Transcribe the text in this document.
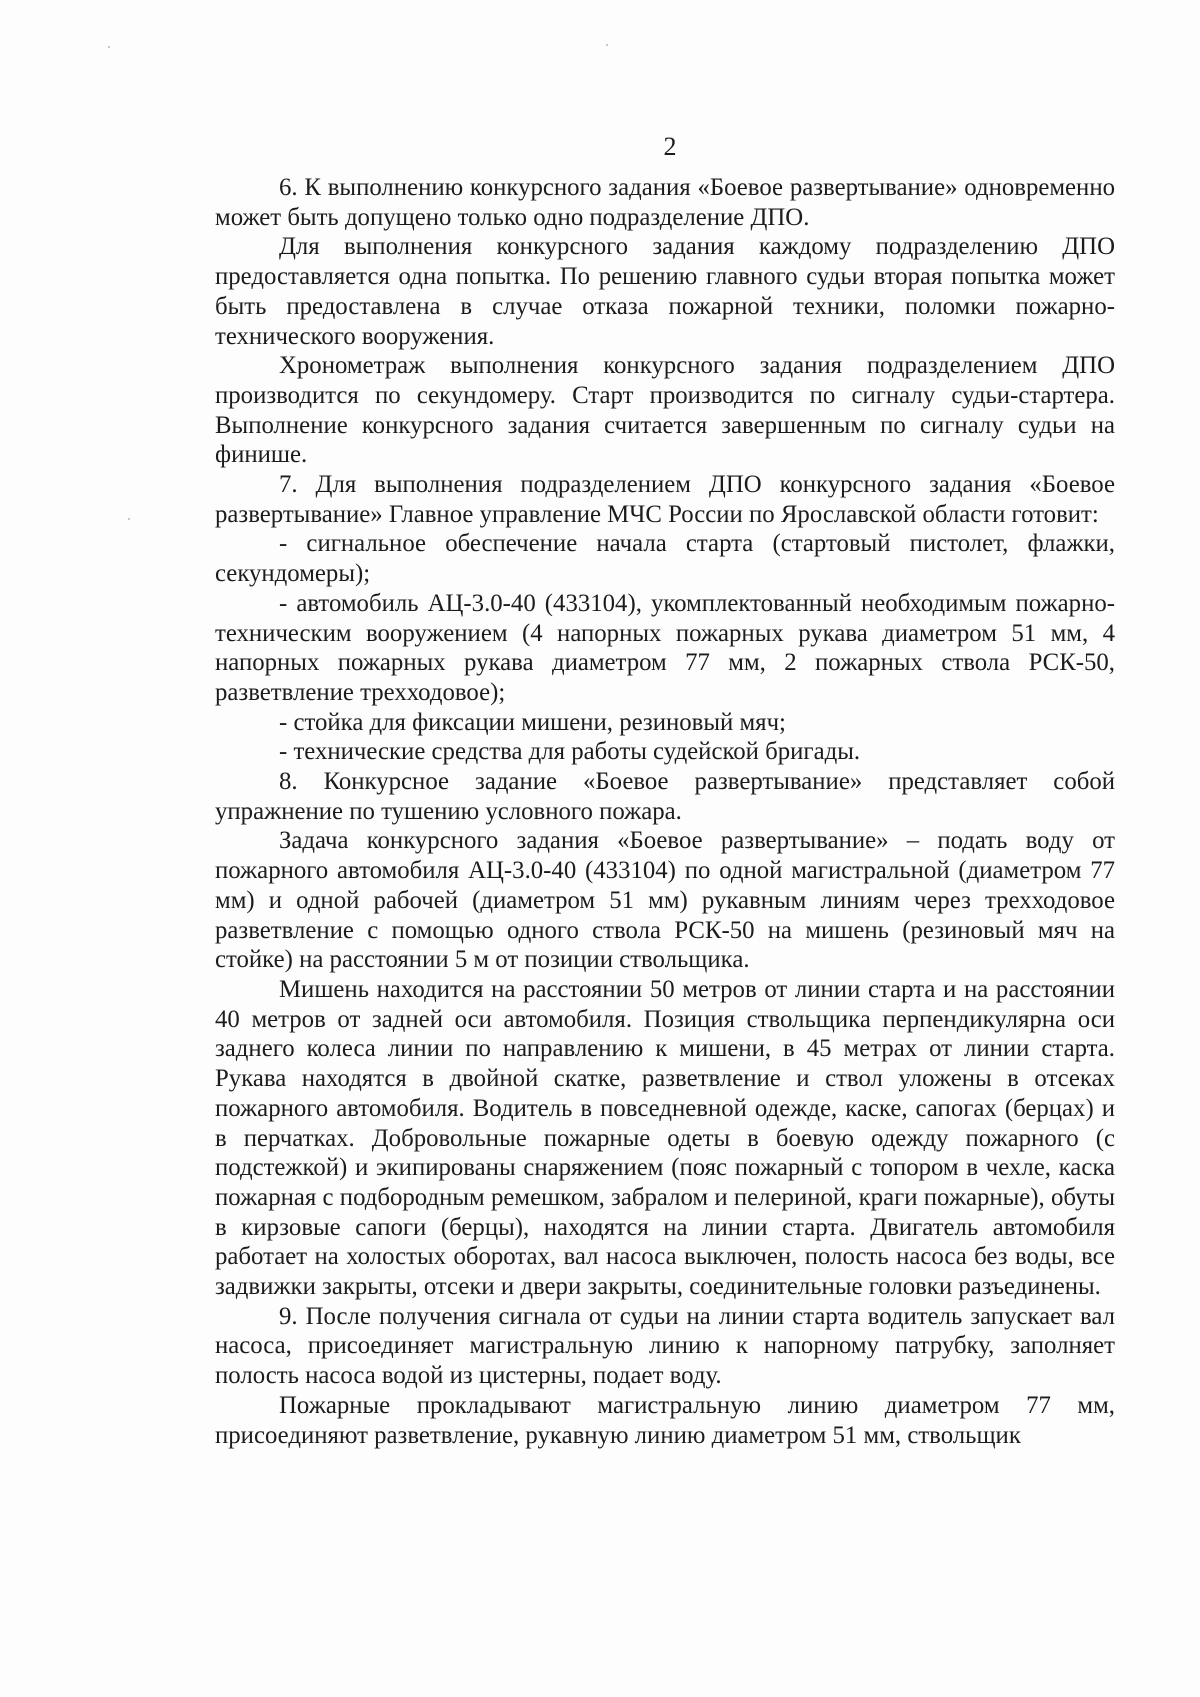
2

6. К выполнению конкурсного задания «Боевое развертывание» одновременно может быть допущено только одно подразделение ДПО.

Для выполнения конкурсного задания каждому подразделению ДПО предоставляется одна попытка. По решению главного судьи вторая попытка может быть предоставлена в случае отказа пожарной техники, поломки пожарно-технического вооружения.

Хронометраж выполнения конкурсного задания подразделением ДПО производится по секундомеру. Старт производится по сигналу судьи-стартера. Выполнение конкурсного задания считается завершенным по сигналу судьи на финише.

7. Для выполнения подразделением ДПО конкурсного задания «Боевое развертывание» Главное управление МЧС России по Ярославской области готовит:

- сигнальное обеспечение начала старта (стартовый пистолет, флажки, секундомеры);

- автомобиль АЦ-3.0-40 (433104), укомплектованный необходимым пожарно-техническим вооружением (4 напорных пожарных рукава диаметром 51 мм, 4 напорных пожарных рукава диаметром 77 мм, 2 пожарных ствола РСК-50, разветвление трехходовое);

- стойка для фиксации мишени, резиновый мяч;

- технические средства для работы судейской бригады.

8. Конкурсное задание «Боевое развертывание» представляет собой упражнение по тушению условного пожара.

Задача конкурсного задания «Боевое развертывание» – подать воду от пожарного автомобиля АЦ-3.0-40 (433104) по одной магистральной (диаметром 77 мм) и одной рабочей (диаметром 51 мм) рукавным линиям через трехходовое разветвление с помощью одного ствола РСК-50 на мишень (резиновый мяч на стойке) на расстоянии 5 м от позиции ствольщика.

Мишень находится на расстоянии 50 метров от линии старта и на расстоянии 40 метров от задней оси автомобиля. Позиция ствольщика перпендикулярна оси заднего колеса линии по направлению к мишени, в 45 метрах от линии старта. Рукава находятся в двойной скатке, разветвление и ствол уложены в отсеках пожарного автомобиля. Водитель в повседневной одежде, каске, сапогах (берцах) и в перчатках. Добровольные пожарные одеты в боевую одежду пожарного (с подстежкой) и экипированы снаряжением (пояс пожарный с топором в чехле, каска пожарная с подбородным ремешком, забралом и пелериной, краги пожарные), обуты в кирзовые сапоги (берцы), находятся на линии старта. Двигатель автомобиля работает на холостых оборотах, вал насоса выключен, полость насоса без воды, все задвижки закрыты, отсеки и двери закрыты, соединительные головки разъединены.

9. После получения сигнала от судьи на линии старта водитель запускает вал насоса, присоединяет магистральную линию к напорному патрубку, заполняет полость насоса водой из цистерны, подает воду.

Пожарные прокладывают магистральную линию диаметром 77 мм, присоединяют разветвление, рукавную линию диаметром 51 мм, ствольщик
